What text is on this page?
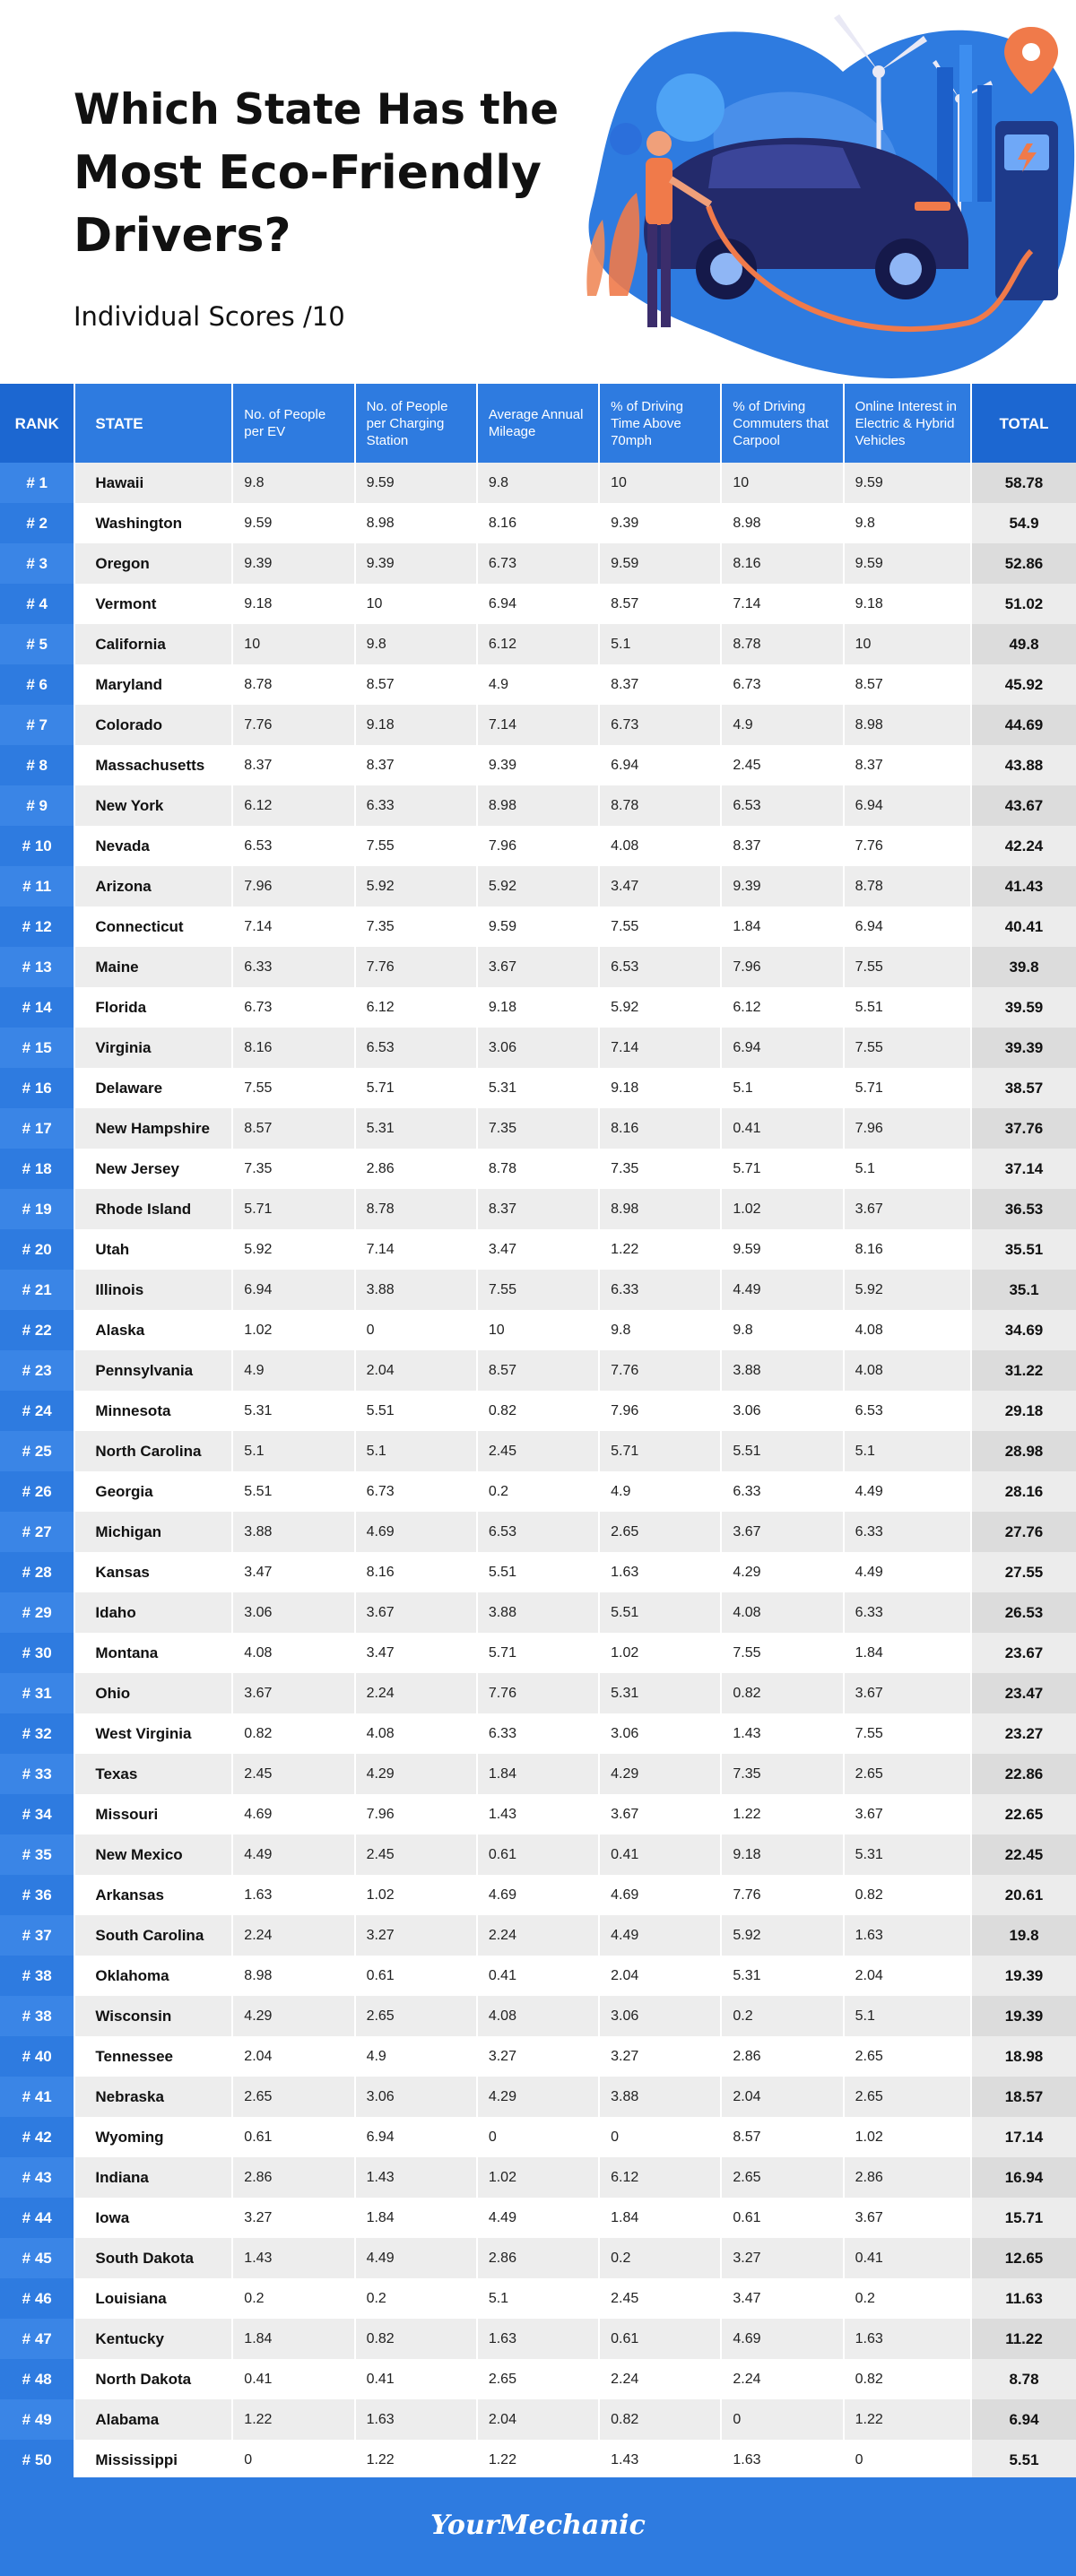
Which State Has the
Most Eco-Friendly
Drivers?
Individual Scores /10
RANK	STATE	No. of People per EV	No. of People per Charging Station	Average Annual Mileage	% of Driving Time Above 70mph	% of Driving Commuters that Carpool	Online Interest in Electric & Hybrid Vehicles	TOTAL
# 1	Hawaii	9.8	9.59	9.8	10	10	9.59	58.78
# 2	Washington	9.59	8.98	8.16	9.39	8.98	9.8	54.9
# 3	Oregon	9.39	9.39	6.73	9.59	8.16	9.59	52.86
# 4	Vermont	9.18	10	6.94	8.57	7.14	9.18	51.02
# 5	California	10	9.8	6.12	5.1	8.78	10	49.8
# 6	Maryland	8.78	8.57	4.9	8.37	6.73	8.57	45.92
# 7	Colorado	7.76	9.18	7.14	6.73	4.9	8.98	44.69
# 8	Massachusetts	8.37	8.37	9.39	6.94	2.45	8.37	43.88
# 9	New York	6.12	6.33	8.98	8.78	6.53	6.94	43.67
# 10	Nevada	6.53	7.55	7.96	4.08	8.37	7.76	42.24
# 11	Arizona	7.96	5.92	5.92	3.47	9.39	8.78	41.43
# 12	Connecticut	7.14	7.35	9.59	7.55	1.84	6.94	40.41
# 13	Maine	6.33	7.76	3.67	6.53	7.96	7.55	39.8
# 14	Florida	6.73	6.12	9.18	5.92	6.12	5.51	39.59
# 15	Virginia	8.16	6.53	3.06	7.14	6.94	7.55	39.39
# 16	Delaware	7.55	5.71	5.31	9.18	5.1	5.71	38.57
# 17	New Hampshire	8.57	5.31	7.35	8.16	0.41	7.96	37.76
# 18	New Jersey	7.35	2.86	8.78	7.35	5.71	5.1	37.14
# 19	Rhode Island	5.71	8.78	8.37	8.98	1.02	3.67	36.53
# 20	Utah	5.92	7.14	3.47	1.22	9.59	8.16	35.51
# 21	Illinois	6.94	3.88	7.55	6.33	4.49	5.92	35.1
# 22	Alaska	1.02	0	10	9.8	9.8	4.08	34.69
# 23	Pennsylvania	4.9	2.04	8.57	7.76	3.88	4.08	31.22
# 24	Minnesota	5.31	5.51	0.82	7.96	3.06	6.53	29.18
# 25	North Carolina	5.1	5.1	2.45	5.71	5.51	5.1	28.98
# 26	Georgia	5.51	6.73	0.2	4.9	6.33	4.49	28.16
# 27	Michigan	3.88	4.69	6.53	2.65	3.67	6.33	27.76
# 28	Kansas	3.47	8.16	5.51	1.63	4.29	4.49	27.55
# 29	Idaho	3.06	3.67	3.88	5.51	4.08	6.33	26.53
# 30	Montana	4.08	3.47	5.71	1.02	7.55	1.84	23.67
# 31	Ohio	3.67	2.24	7.76	5.31	0.82	3.67	23.47
# 32	West Virginia	0.82	4.08	6.33	3.06	1.43	7.55	23.27
# 33	Texas	2.45	4.29	1.84	4.29	7.35	2.65	22.86
# 34	Missouri	4.69	7.96	1.43	3.67	1.22	3.67	22.65
# 35	New Mexico	4.49	2.45	0.61	0.41	9.18	5.31	22.45
# 36	Arkansas	1.63	1.02	4.69	4.69	7.76	0.82	20.61
# 37	South Carolina	2.24	3.27	2.24	4.49	5.92	1.63	19.8
# 38	Oklahoma	8.98	0.61	0.41	2.04	5.31	2.04	19.39
# 38	Wisconsin	4.29	2.65	4.08	3.06	0.2	5.1	19.39
# 40	Tennessee	2.04	4.9	3.27	3.27	2.86	2.65	18.98
# 41	Nebraska	2.65	3.06	4.29	3.88	2.04	2.65	18.57
# 42	Wyoming	0.61	6.94	0	0	8.57	1.02	17.14
# 43	Indiana	2.86	1.43	1.02	6.12	2.65	2.86	16.94
# 44	Iowa	3.27	1.84	4.49	1.84	0.61	3.67	15.71
# 45	South Dakota	1.43	4.49	2.86	0.2	3.27	0.41	12.65
# 46	Louisiana	0.2	0.2	5.1	2.45	3.47	0.2	11.63
# 47	Kentucky	1.84	0.82	1.63	0.61	4.69	1.63	11.22
# 48	North Dakota	0.41	0.41	2.65	2.24	2.24	0.82	8.78
# 49	Alabama	1.22	1.63	2.04	0.82	0	1.22	6.94
# 50	Mississippi	0	1.22	1.22	1.43	1.63	0	5.51
YourMechanic
